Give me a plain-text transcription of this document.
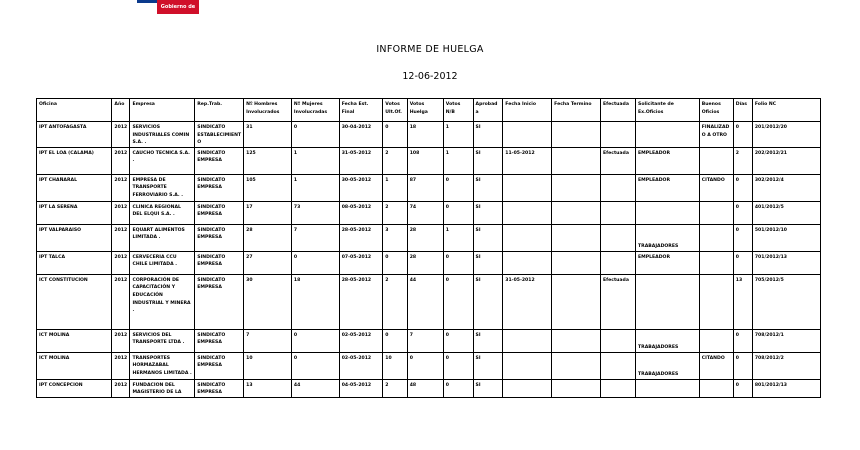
Gobierno de Chile
INFORME DE HUELGA
12-06-2012
Oficina	Año	Empresa	Rep.Trab.	Nº Hombres Involucrados	Nº Mujeres Involucradas	Fecha Est. Final	Votos Ult.Of.	Votos Huelga	Votos N/B	Aprobada	Fecha Inicio	Fecha Termino	Efectuada	Solicitante de Ex.Oficios	Buenos Oficios	Días	Folio NC
IPT ANTOFAGASTA	2012	SERVICIOS INDUSTRIALES COMIN S.A. .	SINDICATO ESTABLECIMIENTO	31	0	30-04-2012	0	18	1	SI					FINALIZADO A OTRO	0	201/2012/20
IPT EL LOA (CALAMA)	2012	CAUCHO TECNICA S.A. .	SINDICATO EMPRESA	125	1	31-05-2012	2	108	1	SI	11-05-2012		Efectuada	EMPLEADOR		2	202/2012/21
IPT CHAÑARAL	2012	EMPRESA DE TRANSPORTE FERROVIARIO S.A. .	SINDICATO EMPRESA	105	1	30-05-2012	1	87	0	SI				EMPLEADOR	CITANDO	0	302/2012/4
IPT LA SERENA	2012	CLINICA REGIONAL DEL ELQUI S.A. .	SINDICATO EMPRESA	17	73	08-05-2012	2	74	0	SI						0	401/2012/5
IPT VALPARAISO	2012	EQUART ALIMENTOS LIMITADA .	SINDICATO EMPRESA	28	7	28-05-2012	3	28	1	SI				TRABAJADORES		0	501/2012/10
IPT TALCA	2012	CERVECERIA CCU CHILE LIMITADA .	SINDICATO EMPRESA	27	0	07-05-2012	0	28	0	SI				EMPLEADOR		0	701/2012/13
ICT CONSTITUCION	2012	CORPORACIÓN DE CAPACITACIÓN Y EDUCACIÓN INDUSTRIAL Y MINERA .	SINDICATO EMPRESA	30	18	28-05-2012	2	44	0	SI	31-05-2012		Efectuada			13	705/2012/5
ICT MOLINA	2012	SERVICIOS DEL TRANSPORTE LTDA .	SINDICATO EMPRESA	7	0	02-05-2012	0	7	0	SI				TRABAJADORES		0	708/2012/1
ICT MOLINA	2012	TRANSPORTES HORMAZABAL HERMANOS LIMITADA .	SINDICATO EMPRESA	10	0	02-05-2012	10	0	0	SI				TRABAJADORES	CITANDO	0	708/2012/2
IPT CONCEPCION	2012	FUNDACION DEL MAGISTERIO DE LA	SINDICATO EMPRESA	13	44	04-05-2012	2	48	0	SI						0	801/2012/13
